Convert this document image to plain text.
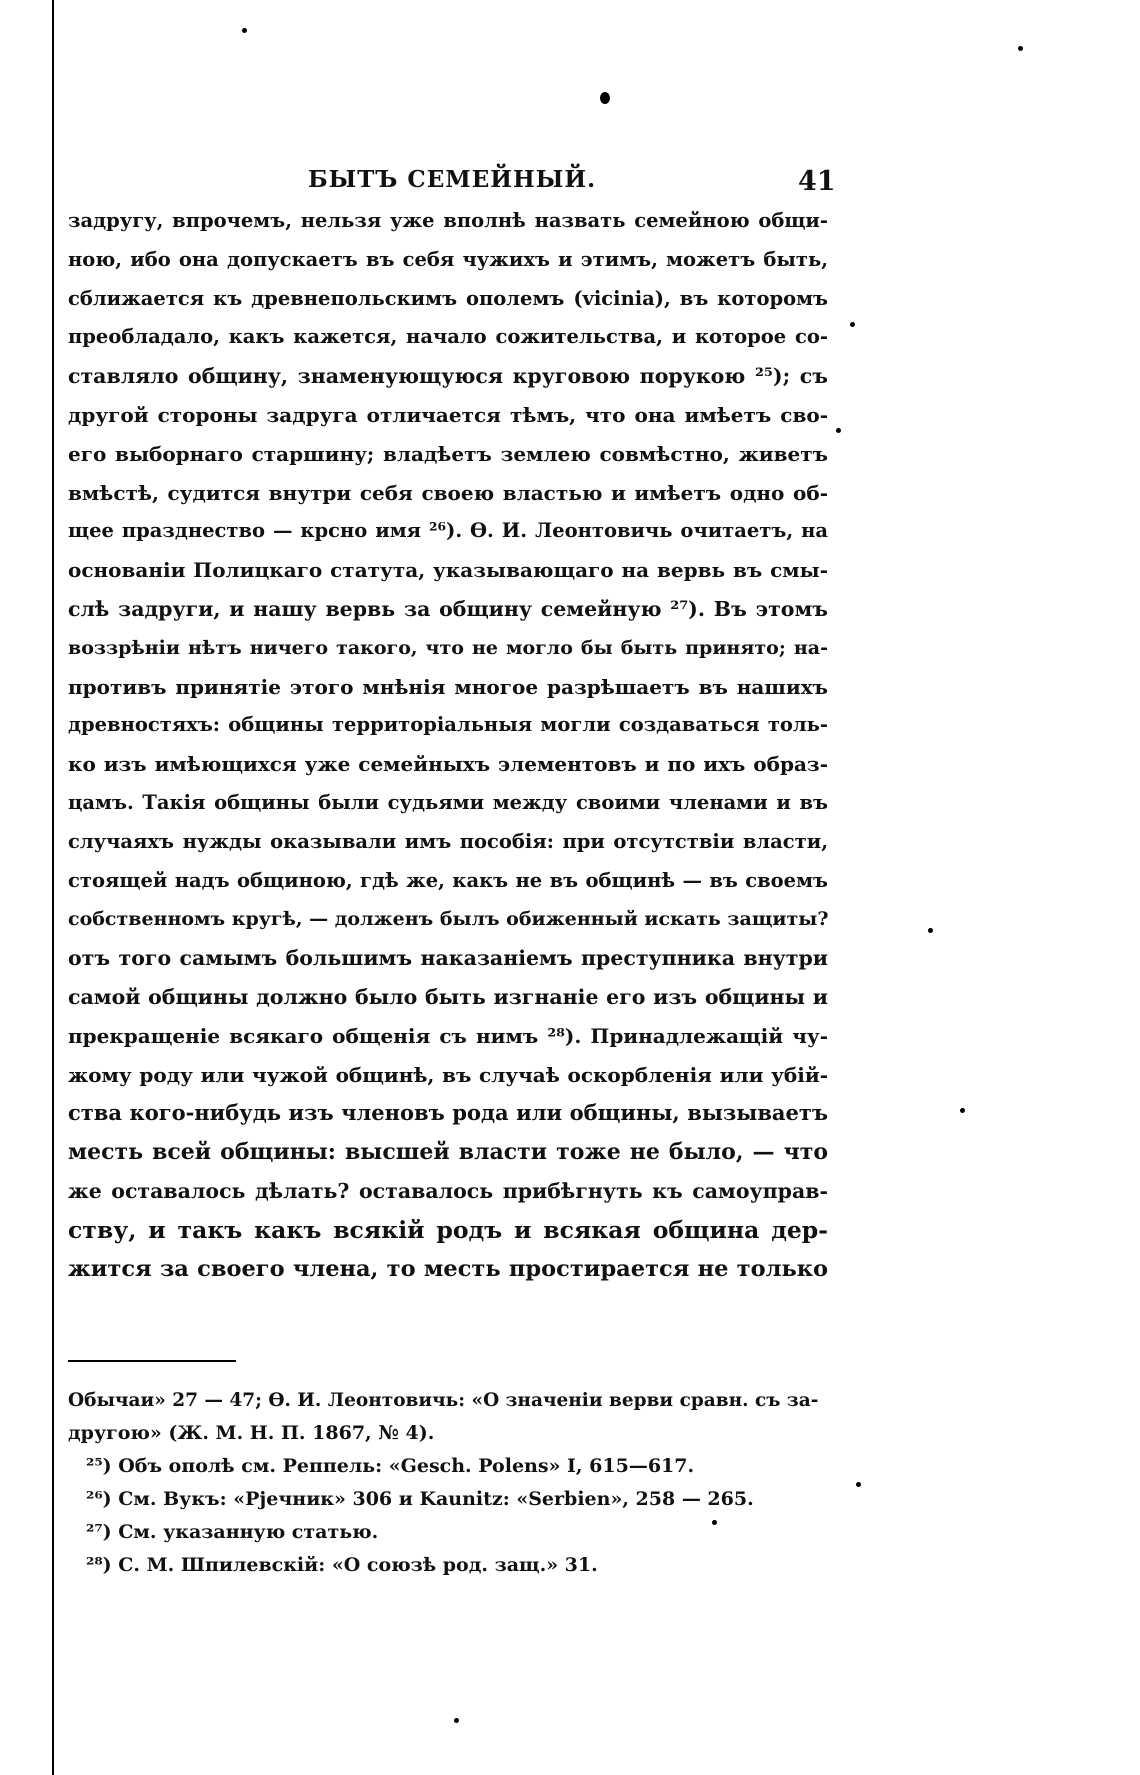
БЫТЪ СЕМЕЙНЫЙ.	41
задругу, впрочемъ, нельзя уже вполнѣ назвать семейною общи-
ною, ибо она допускаетъ въ себя чужихъ и этимъ, можетъ быть,
сближается къ древнепольскимъ ополемъ (vicinia), въ которомъ
преобладало, какъ кажется, начало сожительства, и которое со-
ставляло общину, знаменующуюся круговою порукою ²⁵); съ
другой стороны задруга отличается тѣмъ, что она имѣетъ сво-
его выборнаго старшину; владѣетъ землею совмѣстно, живетъ
вмѣстѣ, судится внутри себя своею властью и имѣетъ одно об-
щее празднество — крсно имя ²⁶). Ѳ. И. Леонтовичь очитаетъ, на
основаніи Полицкаго статута, указывающаго на вервь въ смы-
слѣ задруги, и нашу вервь за общину семейную ²⁷). Въ этомъ
воззрѣніи нѣтъ ничего такого, что не могло бы быть принято; на-
противъ принятіе этого мнѣнія многое разрѣшаетъ въ нашихъ
древностяхъ: общины территоріальныя могли создаваться толь-
ко изъ имѣющихся уже семейныхъ элементовъ и по ихъ образ-
цамъ. Такія общины были судьями между своими членами и въ
случаяхъ нужды оказывали имъ пособія: при отсутствіи власти,
стоящей надъ общиною, гдѣ же, какъ не въ общинѣ — въ своемъ
собственномъ кругѣ, — долженъ былъ обиженный искать защиты?
отъ того самымъ большимъ наказаніемъ преступника внутри
самой общины должно было быть изгнаніе его изъ общины и
прекращеніе всякаго общенія съ нимъ ²⁸). Принадлежащій чу-
жому роду или чужой общинѣ, въ случаѣ оскорбленія или убій-
ства кого-нибудь изъ членовъ рода или общины, вызываетъ
месть всей общины: высшей власти тоже не было, — что
же оставалось дѣлать? оставалось прибѣгнуть къ самоуправ-
ству, и такъ какъ всякій родъ и всякая община дер-
жится за своего члена, то месть простирается не только
Обычаи» 27 — 47; Ѳ. И. Леонтовичь: «О значеніи верви сравн. съ за-
другою» (Ж. М. Н. П. 1867, № 4).
²⁵) Объ ополѣ см. Реппель: «Gesch. Polens» I, 615—617.
²⁶) См. Вукъ: «Рјечник» 306 и Kaunitz: «Serbien», 258 — 265.
²⁷) См. указанную статью.
²⁸) С. М. Шпилевскій: «О союзѣ род. защ.» 31.
